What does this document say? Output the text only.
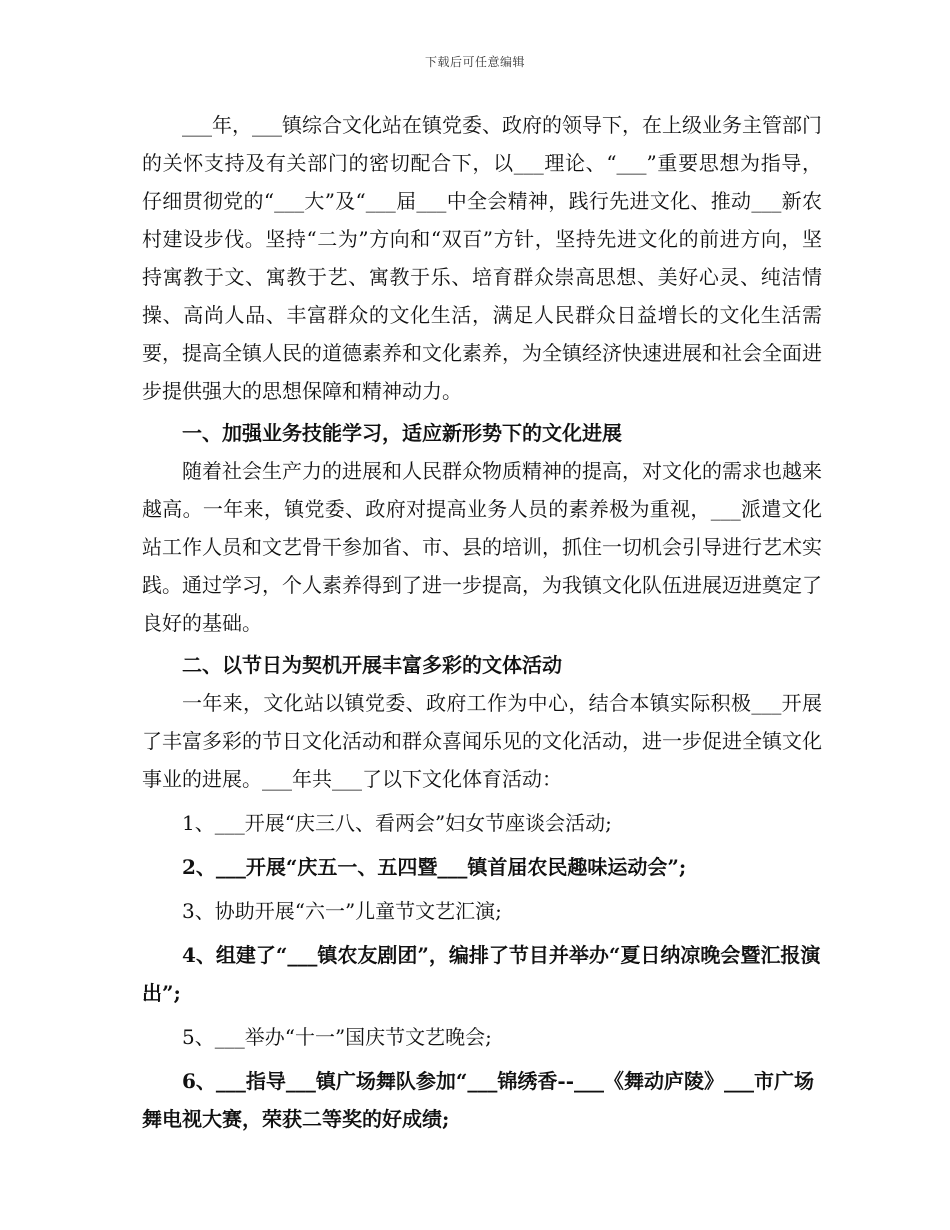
下载后可任意编辑

___年，___镇综合文化站在镇党委、政府的领导下，在上级业务主管部门的关怀支持及有关部门的密切配合下，以___理论、“___”重要思想为指导，仔细贯彻党的“___大”及“___届___中全会精神，践行先进文化、推动___新农村建设步伐。坚持“二为”方向和“双百”方针，坚持先进文化的前进方向，坚持寓教于文、寓教于艺、寓教于乐、培育群众崇高思想、美好心灵、纯洁情操、高尚人品、丰富群众的文化生活，满足人民群众日益增长的文化生活需要，提高全镇人民的道德素养和文化素养，为全镇经济快速进展和社会全面进步提供强大的思想保障和精神动力。

一、加强业务技能学习，适应新形势下的文化进展

随着社会生产力的进展和人民群众物质精神的提高，对文化的需求也越来越高。一年来，镇党委、政府对提高业务人员的素养极为重视，___派遣文化站工作人员和文艺骨干参加省、市、县的培训，抓住一切机会引导进行艺术实践。通过学习，个人素养得到了进一步提高，为我镇文化队伍进展迈进奠定了良好的基础。

二、以节日为契机开展丰富多彩的文体活动

一年来，文化站以镇党委、政府工作为中心，结合本镇实际积极___开展了丰富多彩的节日文化活动和群众喜闻乐见的文化活动，进一步促进全镇文化事业的进展。___年共___了以下文化体育活动：

1、___开展“庆三八、看两会”妇女节座谈会活动;

2、___开展“庆五一、五四暨___镇首届农民趣味运动会”;

3、协助开展“六一”儿童节文艺汇演;

4、组建了“___镇农友剧团”，编排了节目并举办“夏日纳凉晚会暨汇报演出”;

5、___举办“十一”国庆节文艺晚会;

6、___指导___镇广场舞队参加“___锦绣香--___《舞动庐陵》___市广场舞电视大赛，荣获二等奖的好成绩;
